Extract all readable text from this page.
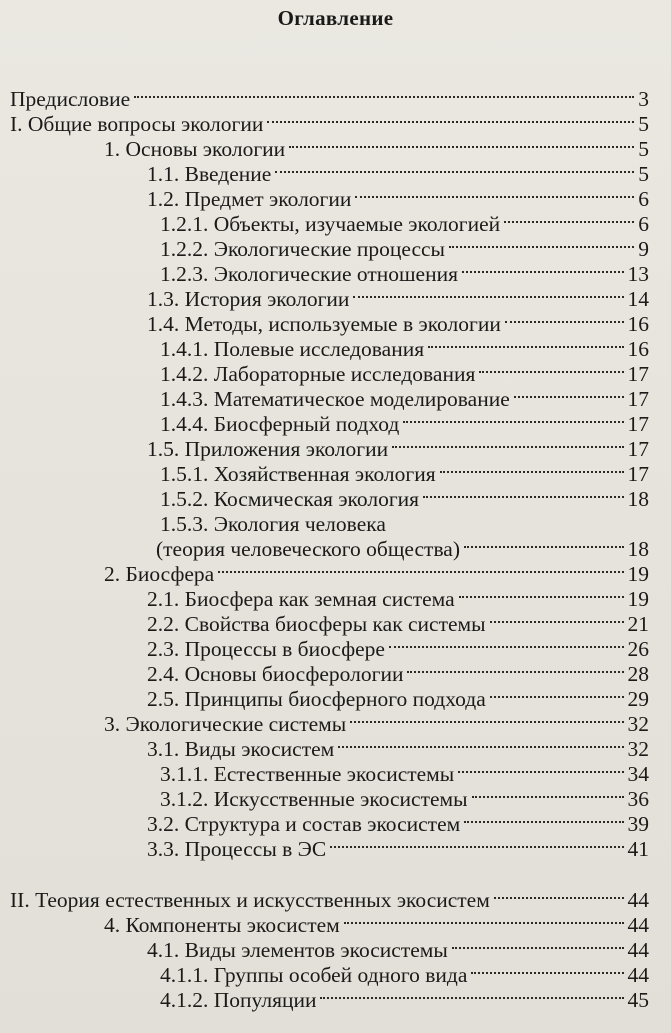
Оглавление
Предисловие	3
I. Общие вопросы экологии	5
1. Основы экологии	5
1.1. Введение	5
1.2. Предмет экологии	6
1.2.1. Объекты, изучаемые экологией	6
1.2.2. Экологические процессы	9
1.2.3. Экологические отношения	13
1.3. История экологии	14
1.4. Методы, используемые в экологии	16
1.4.1. Полевые исследования	16
1.4.2. Лабораторные исследования	17
1.4.3. Математическое моделирование	17
1.4.4. Биосферный подход	17
1.5. Приложения экологии	17
1.5.1. Хозяйственная экология	17
1.5.2. Космическая экология	18
1.5.3. Экология человека
(теория человеческого общества)	18
2. Биосфера	19
2.1. Биосфера как земная система	19
2.2. Свойства биосферы как системы	21
2.3. Процессы в биосфере	26
2.4. Основы биосферологии	28
2.5. Принципы биосферного подхода	29
3. Экологические системы	32
3.1. Виды экосистем	32
3.1.1. Естественные экосистемы	34
3.1.2. Искусственные экосистемы	36
3.2. Структура и состав экосистем	39
3.3. Процессы в ЭС	41
II. Теория естественных и искусственных экосистем	44
4. Компоненты экосистем	44
4.1. Виды элементов экосистемы	44
4.1.1. Группы особей одного вида	44
4.1.2. Популяции	45
